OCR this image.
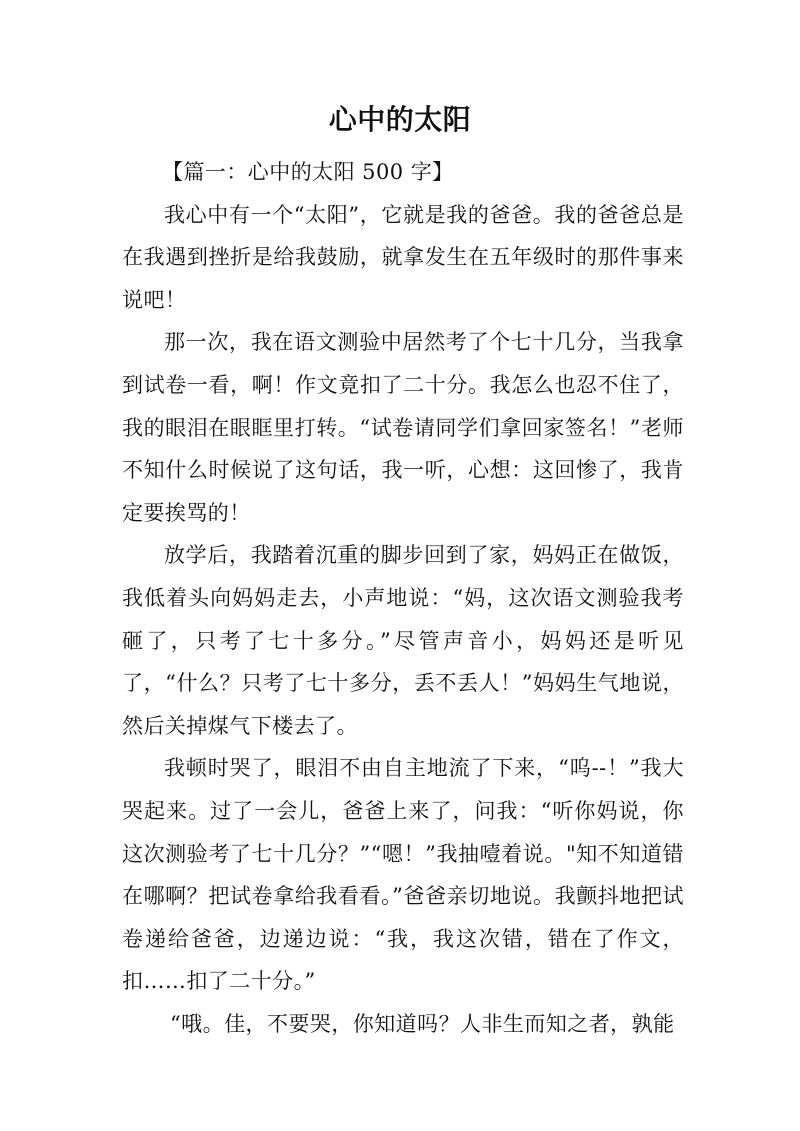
心中的太阳

【篇一：心中的太阳 500 字】

我心中有一个“太阳”，它就是我的爸爸。我的爸爸总是在我遇到挫折是给我鼓励，就拿发生在五年级时的那件事来说吧！

那一次，我在语文测验中居然考了个七十几分，当我拿到试卷一看，啊！作文竟扣了二十分。我怎么也忍不住了，我的眼泪在眼眶里打转。“试卷请同学们拿回家签名！”老师不知什么时候说了这句话，我一听，心想：这回惨了，我肯定要挨骂的！

放学后，我踏着沉重的脚步回到了家，妈妈正在做饭，我低着头向妈妈走去，小声地说：“妈，这次语文测验我考砸了，只考了七十多分。”尽管声音小，妈妈还是听见了，“什么？只考了七十多分，丢不丢人！”妈妈生气地说，然后关掉煤气下楼去了。

我顿时哭了，眼泪不由自主地流了下来，“呜--！”我大哭起来。过了一会儿，爸爸上来了，问我：“听你妈说，你这次测验考了七十几分？”“嗯！”我抽噎着说。"知不知道错在哪啊？把试卷拿给我看看。”爸爸亲切地说。我颤抖地把试卷递给爸爸，边递边说：“我，我这次错，错在了作文，扣……扣了二十分。”

“哦。佳，不要哭，你知道吗？人非生而知之者，孰能
